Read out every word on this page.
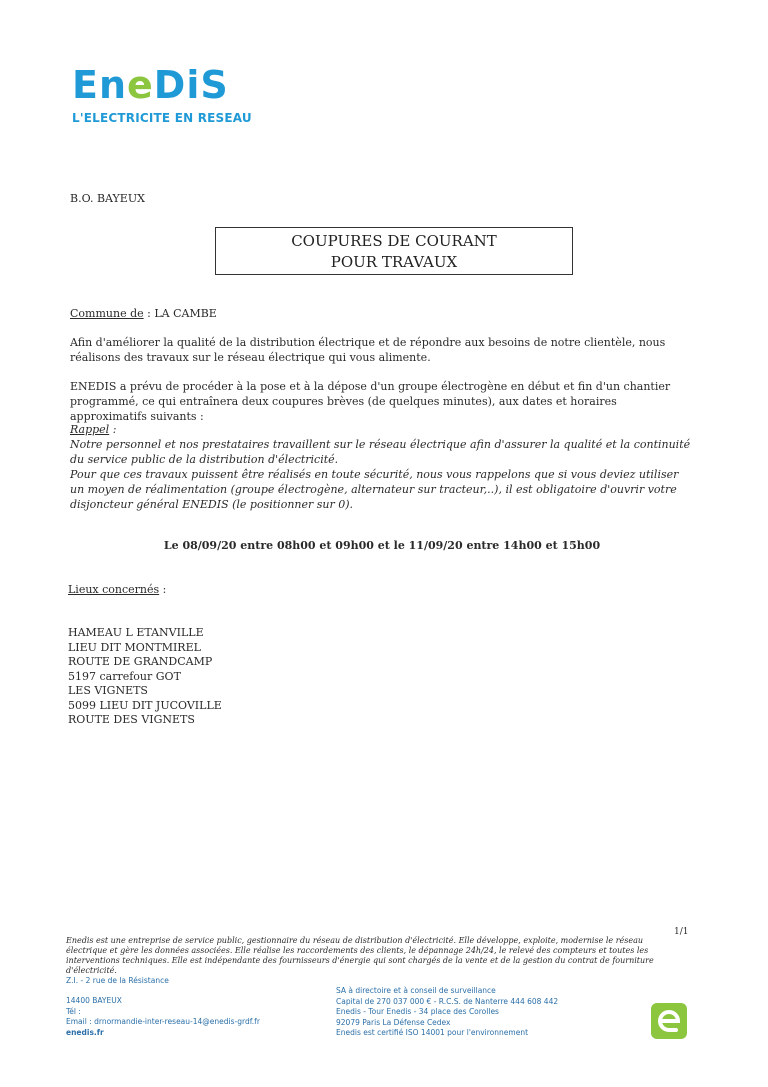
EneDiS
L'ELECTRICITE EN RESEAU
B.O. BAYEUX
COUPURES DE COURANT
POUR TRAVAUX
Commune de : LA CAMBE
Afin d'améliorer la qualité de la distribution électrique et de répondre aux besoins de notre clientèle, nous réalisons des travaux sur le réseau électrique qui vous alimente.
ENEDIS a prévu de procéder à la pose et à la dépose d'un groupe électrogène en début et fin d'un chantier programmé, ce qui entraînera deux coupures brèves (de quelques minutes), aux dates et horaires approximatifs suivants :
Rappel :
Notre personnel et nos prestataires travaillent sur le réseau électrique afin d'assurer la qualité et la continuité du service public de la distribution d'électricité.
Pour que ces travaux puissent être réalisés en toute sécurité, nous vous rappelons que si vous deviez utiliser un moyen de réalimentation (groupe électrogène, alternateur sur tracteur,..), il est obligatoire d'ouvrir votre disjoncteur général ENEDIS (le positionner sur 0).
Le 08/09/20 entre 08h00 et 09h00 et le 11/09/20 entre 14h00 et 15h00
Lieux concernés :
HAMEAU L ETANVILLE
LIEU DIT MONTMIREL
ROUTE DE GRANDCAMP
5197 carrefour GOT
LES VIGNETS
5099 LIEU DIT JUCOVILLE
ROUTE DES VIGNETS
1/1
Enedis est une entreprise de service public, gestionnaire du réseau de distribution d'électricité. Elle développe, exploite, modernise le réseau électrique et gère les données associées. Elle réalise les raccordements des clients, le dépannage 24h/24, le relevé des compteurs et toutes les interventions techniques. Elle est indépendante des fournisseurs d'énergie qui sont chargés de la vente et de la gestion du contrat de fourniture d'électricité.
Z.I. - 2 rue de la Résistance
14400 BAYEUX
Tél :
Email : drnormandie-inter-reseau-14@enedis-grdf.fr
enedis.fr
SA à directoire et à conseil de surveillance
Capital de 270 037 000 € - R.C.S. de Nanterre 444 608 442
Enedis - Tour Enedis - 34 place des Corolles
92079 Paris La Défense Cedex
Enedis est certifié ISO 14001 pour l'environnement
